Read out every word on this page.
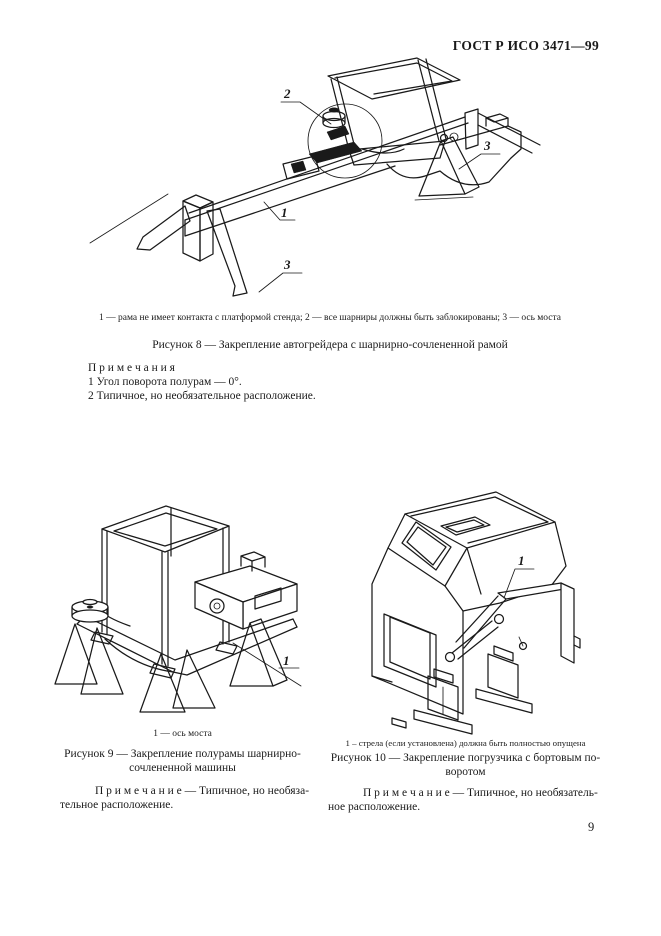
ГОСТ Р ИСО 3471—99
2
3
1
3
1 — рама не имеет контакта с платформой стенда; 2 — все шарниры должны быть заблокированы; 3 — ось моста
Рисунок 8 — Закрепление автогрейдера с шарнирно-сочлененной рамой
П р и м е ч а н и я
1 Угол поворота полурам — 0°.
2 Типичное, но необязательное расположение.
1
1 — ось моста
Рисунок 9 — Закрепление полурамы шарнирно-
сочлененной машины
П р и м е ч а н и е — Типичное, но необяза-
тельное расположение.
1
1 – стрела (если установлена) должна быть полностью опущена
Рисунок 10 — Закрепление погрузчика с бортовым по-
воротом
П р и м е ч а н и е — Типичное, но необязатель-
ное расположение.
9
